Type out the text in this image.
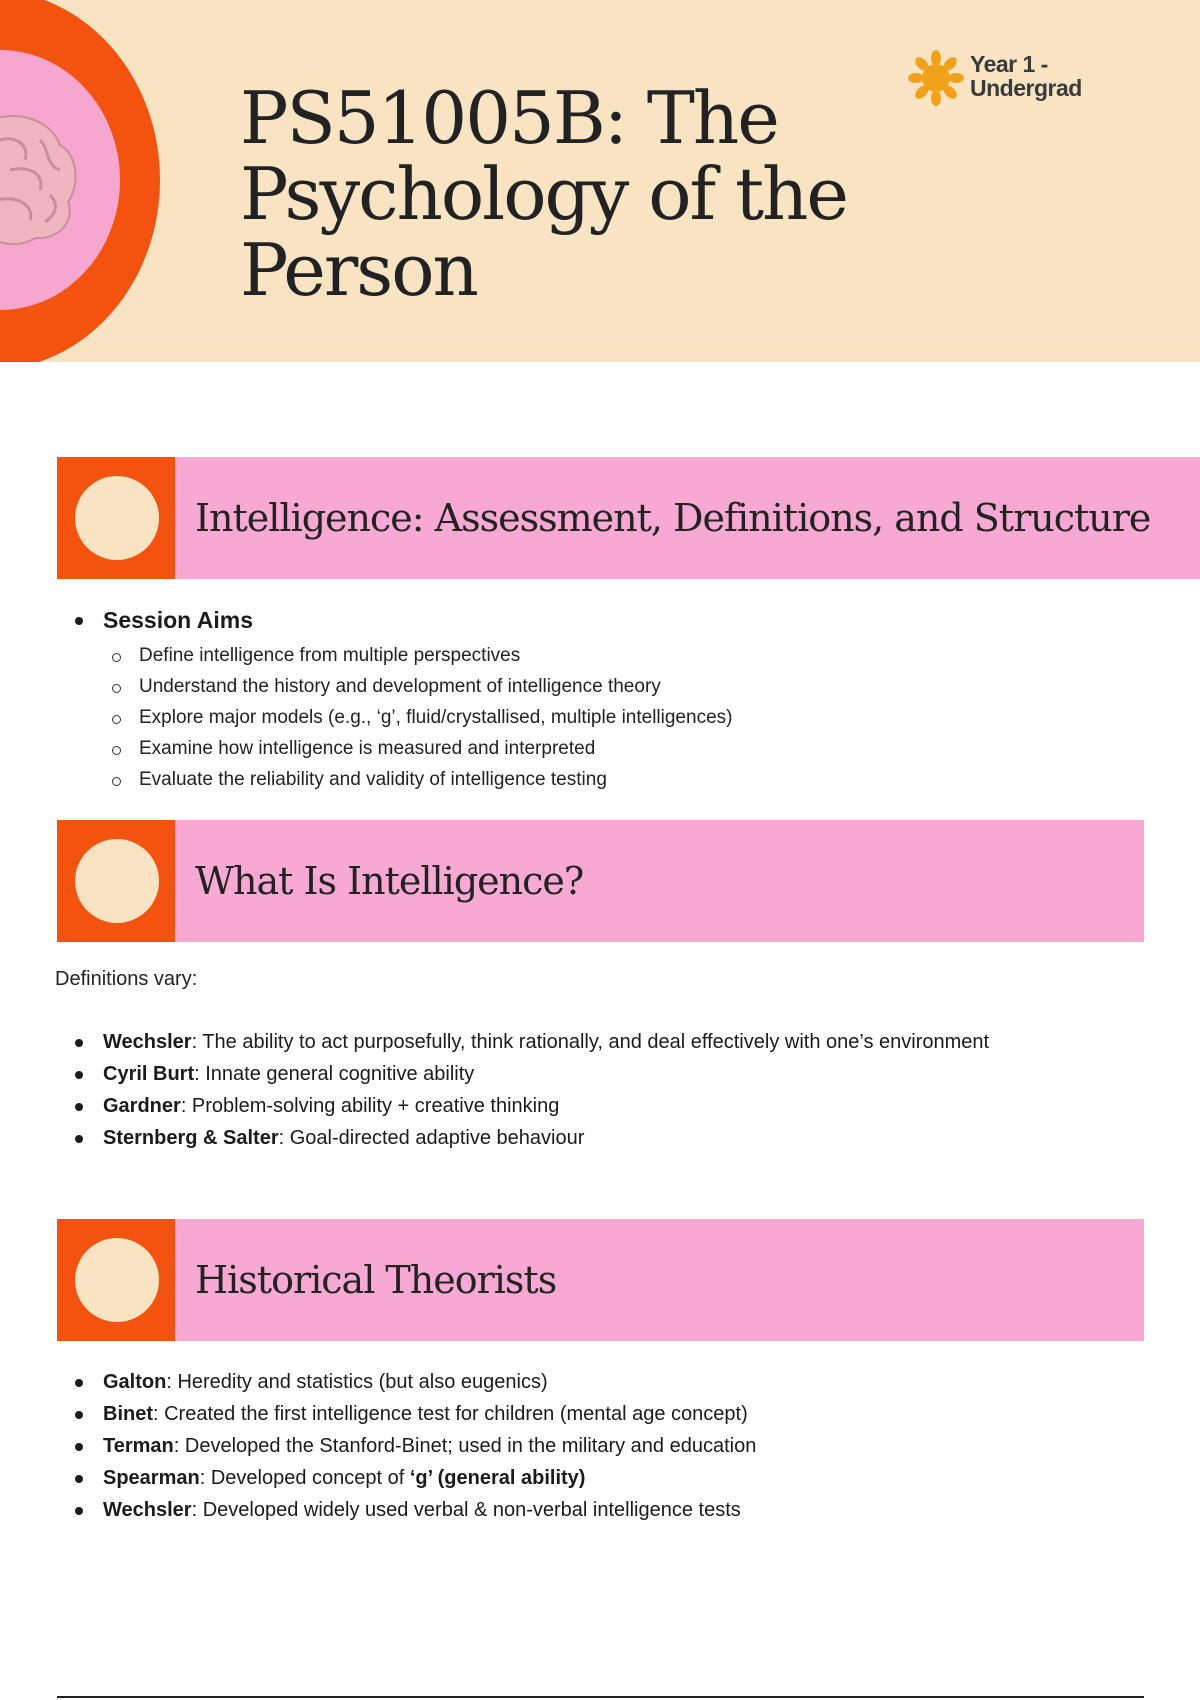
PS51005B: The Psychology of the Person
Year 1 -
Undergrad
Intelligence: Assessment, Definitions, and Structure
Session Aims
Define intelligence from multiple perspectives
Understand the history and development of intelligence theory
Explore major models (e.g., ‘g’, fluid/crystallised, multiple intelligences)
Examine how intelligence is measured and interpreted
Evaluate the reliability and validity of intelligence testing
What Is Intelligence?
Definitions vary:
Wechsler: The ability to act purposefully, think rationally, and deal effectively with one’s environment
Cyril Burt: Innate general cognitive ability
Gardner: Problem-solving ability + creative thinking
Sternberg & Salter: Goal-directed adaptive behaviour
Historical Theorists
Galton: Heredity and statistics (but also eugenics)
Binet: Created the first intelligence test for children (mental age concept)
Terman: Developed the Stanford-Binet; used in the military and education
Spearman: Developed concept of ‘g’ (general ability)
Wechsler: Developed widely used verbal & non-verbal intelligence tests
